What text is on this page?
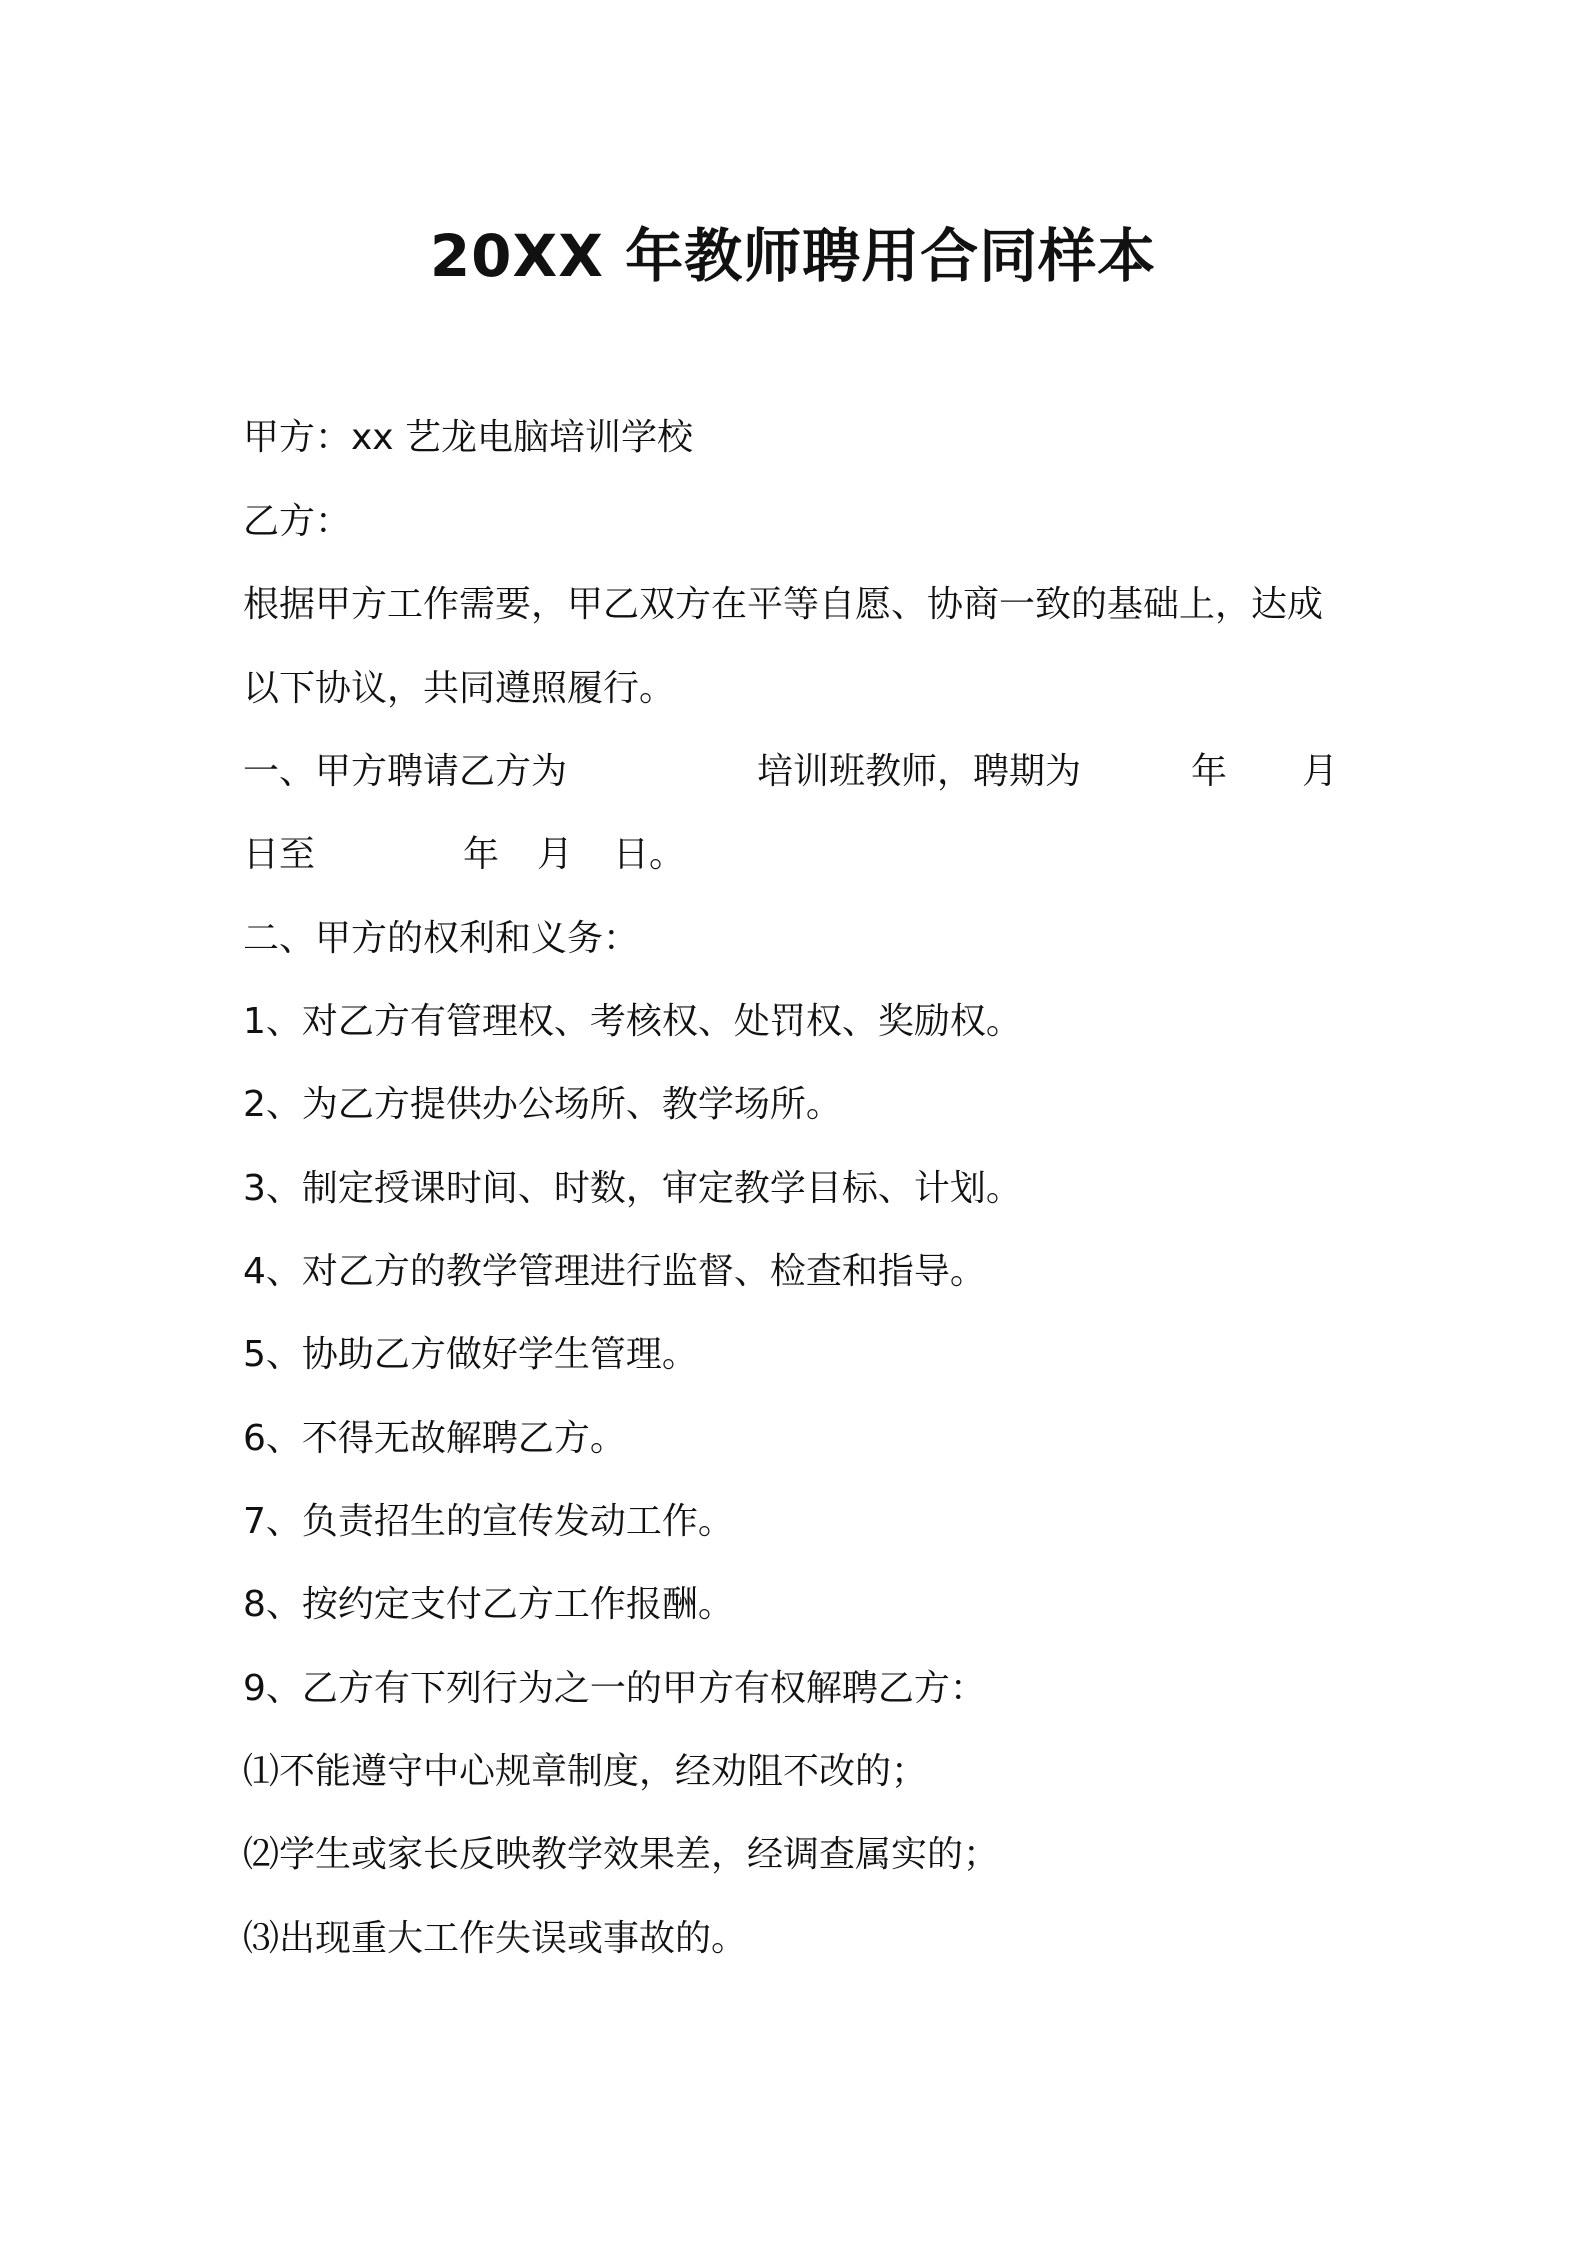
20XX 年教师聘用合同样本
甲方：xx 艺龙电脑培训学校
乙方：
根据甲方工作需要，甲乙双方在平等自愿、协商一致的基础上，达成
以下协议，共同遵照履行。
一、甲方聘请乙方为	培训班教师，聘期为	年 月
日至	年 月 日。
二、甲方的权利和义务：
1、对乙方有管理权、考核权、处罚权、奖励权。
2、为乙方提供办公场所、教学场所。
3、制定授课时间、时数，审定教学目标、计划。
4、对乙方的教学管理进行监督、检查和指导。
5、协助乙方做好学生管理。
6、不得无故解聘乙方。
7、负责招生的宣传发动工作。
8、按约定支付乙方工作报酬。
9、乙方有下列行为之一的甲方有权解聘乙方：
⑴不能遵守中心规章制度，经劝阻不改的；
⑵学生或家长反映教学效果差，经调查属实的；
⑶出现重大工作失误或事故的。
